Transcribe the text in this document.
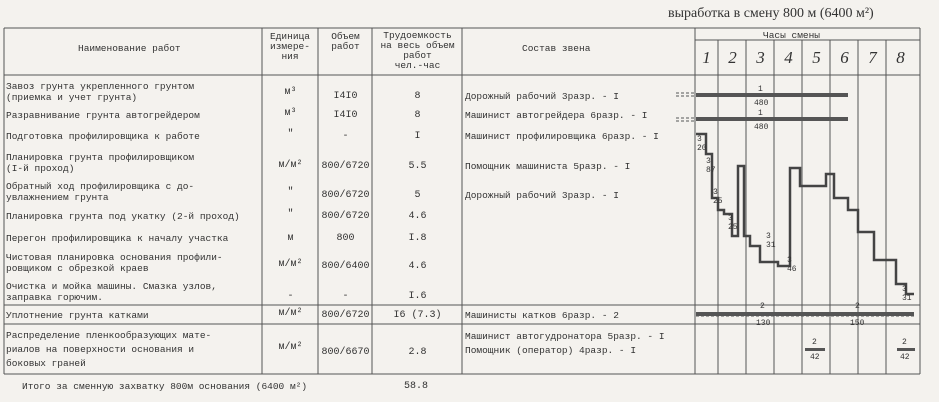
выработка в смену 800 м (6400 м²)
Наименование работ
Единица
измере-
ния
Объем
работ
Трудоемкость
на весь объем
работ
чел.-час
Состав звена
Часы смены
1	2	3	4	5	6	7	8
Завоз грунта укрепленного грунтом
(приемка и учет грунта)	м³	I4I0	8	Дорожный рабочий 3разр. - I
Разравнивание грунта автогрейдером	м³	I4I0	8	Машинист автогрейдера 6разр. - I
Подготовка профилировщика к работе	"	-	I	Машинист профилировщика 6разр. - I
Планировка грунта профилировщиком
(I-й проход)	м/м²	800/6720	5.5	Помощник машиниста 5разр. - I
Обратный ход профилировщика с до-
увлажнением грунта	"	800/6720	5	Дорожный рабочий 3разр. - I
Планировка грунта под укатку (2-й проход)	"	800/6720	4.6
Перегон профилировщика к началу участка	м	800	I.8
Чистовая планировка основания профили-
ровщиком с обрезкой краев	м/м²	800/6400	4.6
Очистка и мойка машины. Смазка узлов,
заправка горючим.	-	-	I.6
Уплотнение грунта катками	м/м²	800/6720	I6 (7.3)	Машинисты катков 6разр. - 2
Распределение пленкообразующих мате-
риалов на поверхности основания и
боковых граней
м/м²	800/6670	2.8
Машинист автогудронатора 5разр. - I
Помощник (оператор) 4разр. - I
Итого за сменную захватку 800м основания (6400 м²)	58.8
1
480
1
480
3
20
3
87
3
25
3
25
3
31
3
46
3
31
2
130
2
150
2
42
2
42
